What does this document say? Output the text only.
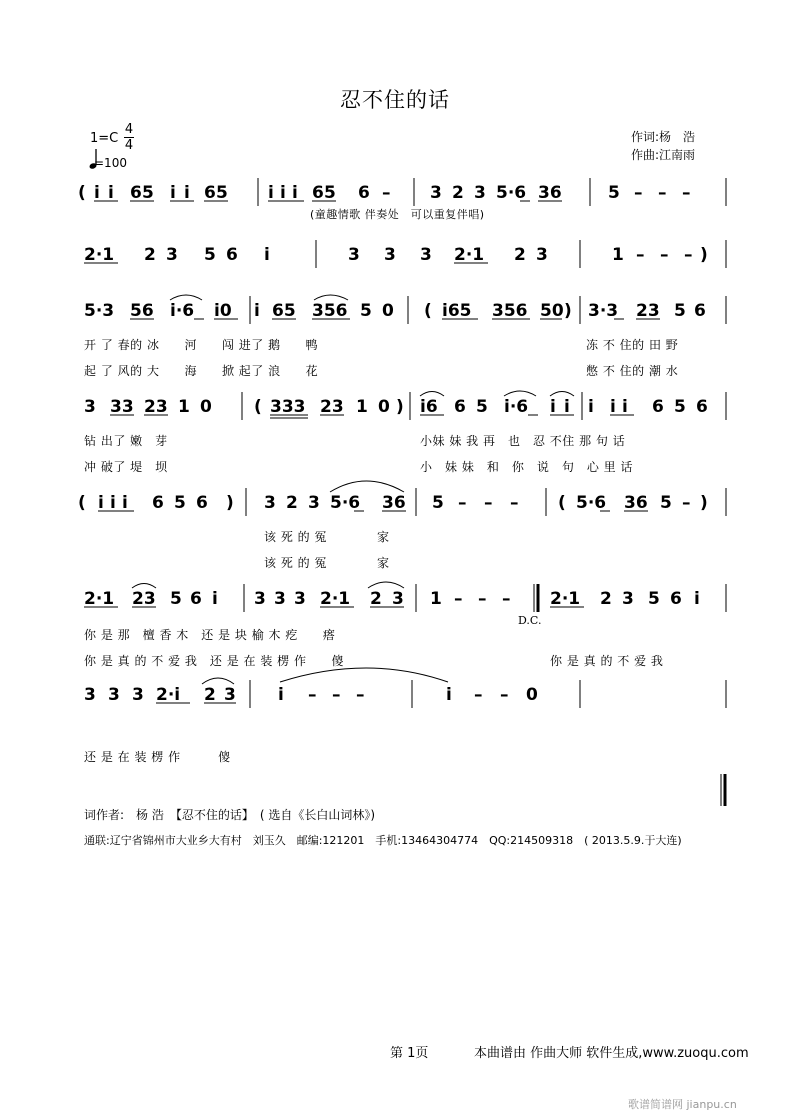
忍不住的话
1=C
4
4
=100
作词:杨　浩
作曲:江南雨
( i i 6 5 i i 6 5 i i i 6 5 6 – 3 2 3 5·6 36	5 – – –
(童趣情歌 伴奏处　可以重复伴唱)
2·1 2 3 5 6 i	3 3 3 2·1 2 3	1 – – – )
5·3 56 i·6 i0 i 65 356 5 0 ( i65 356 50 ) 3·3 23 5 6
开 了 春的 冰　　河　　闯 进了 鹅　　鸭	冻 不 住的 田 野
起 了 风的 大　　海　　掀 起了 浪　　花	憋 不 住的 潮 水
3 33 23 1 0 ( 333 23 1 0 ) i6 6 5 i·6 i i i i i 6 5 6
钻 出了 嫩　芽	小妹 妹 我 再　也　忍 不住 那 句 话
冲 破了 堤　坝	小　妹 妹　和　你　说　句　心 里 话
( i i i 6 5 6 ) 3 2 3 5·6 36 5 – – – ( 5·6 36 5 – )
该 死 的 冤　　　　家
该 死 的 冤　　　　家
2·1 23 5 6 i 3 3 3 2·1 2 3 1 – – – 2·1 2 3 5 6 i
D.C.
你 是 那　檀 香 木　还 是 块 榆 木 疙　　瘩
你 是 真 的 不 爱 我　还 是 在 装 楞 作　　傻	你 是 真 的 不 爱 我
3 3 3 2·i 2 3 i – – –	i – – 0
还 是 在 装 楞 作　　　傻
词作者:　杨 浩　【忍不住的话】　( 选自《长白山词林》)
通联:辽宁省锦州市大业乡大有村　刘玉久　邮编:121201　手机:13464304774　QQ:214509318　( 2013.5.9.于大连)
第 1页	本曲谱由 作曲大师 软件生成,www.zuoqu.com
歌谱简谱网 jianpu.cn
